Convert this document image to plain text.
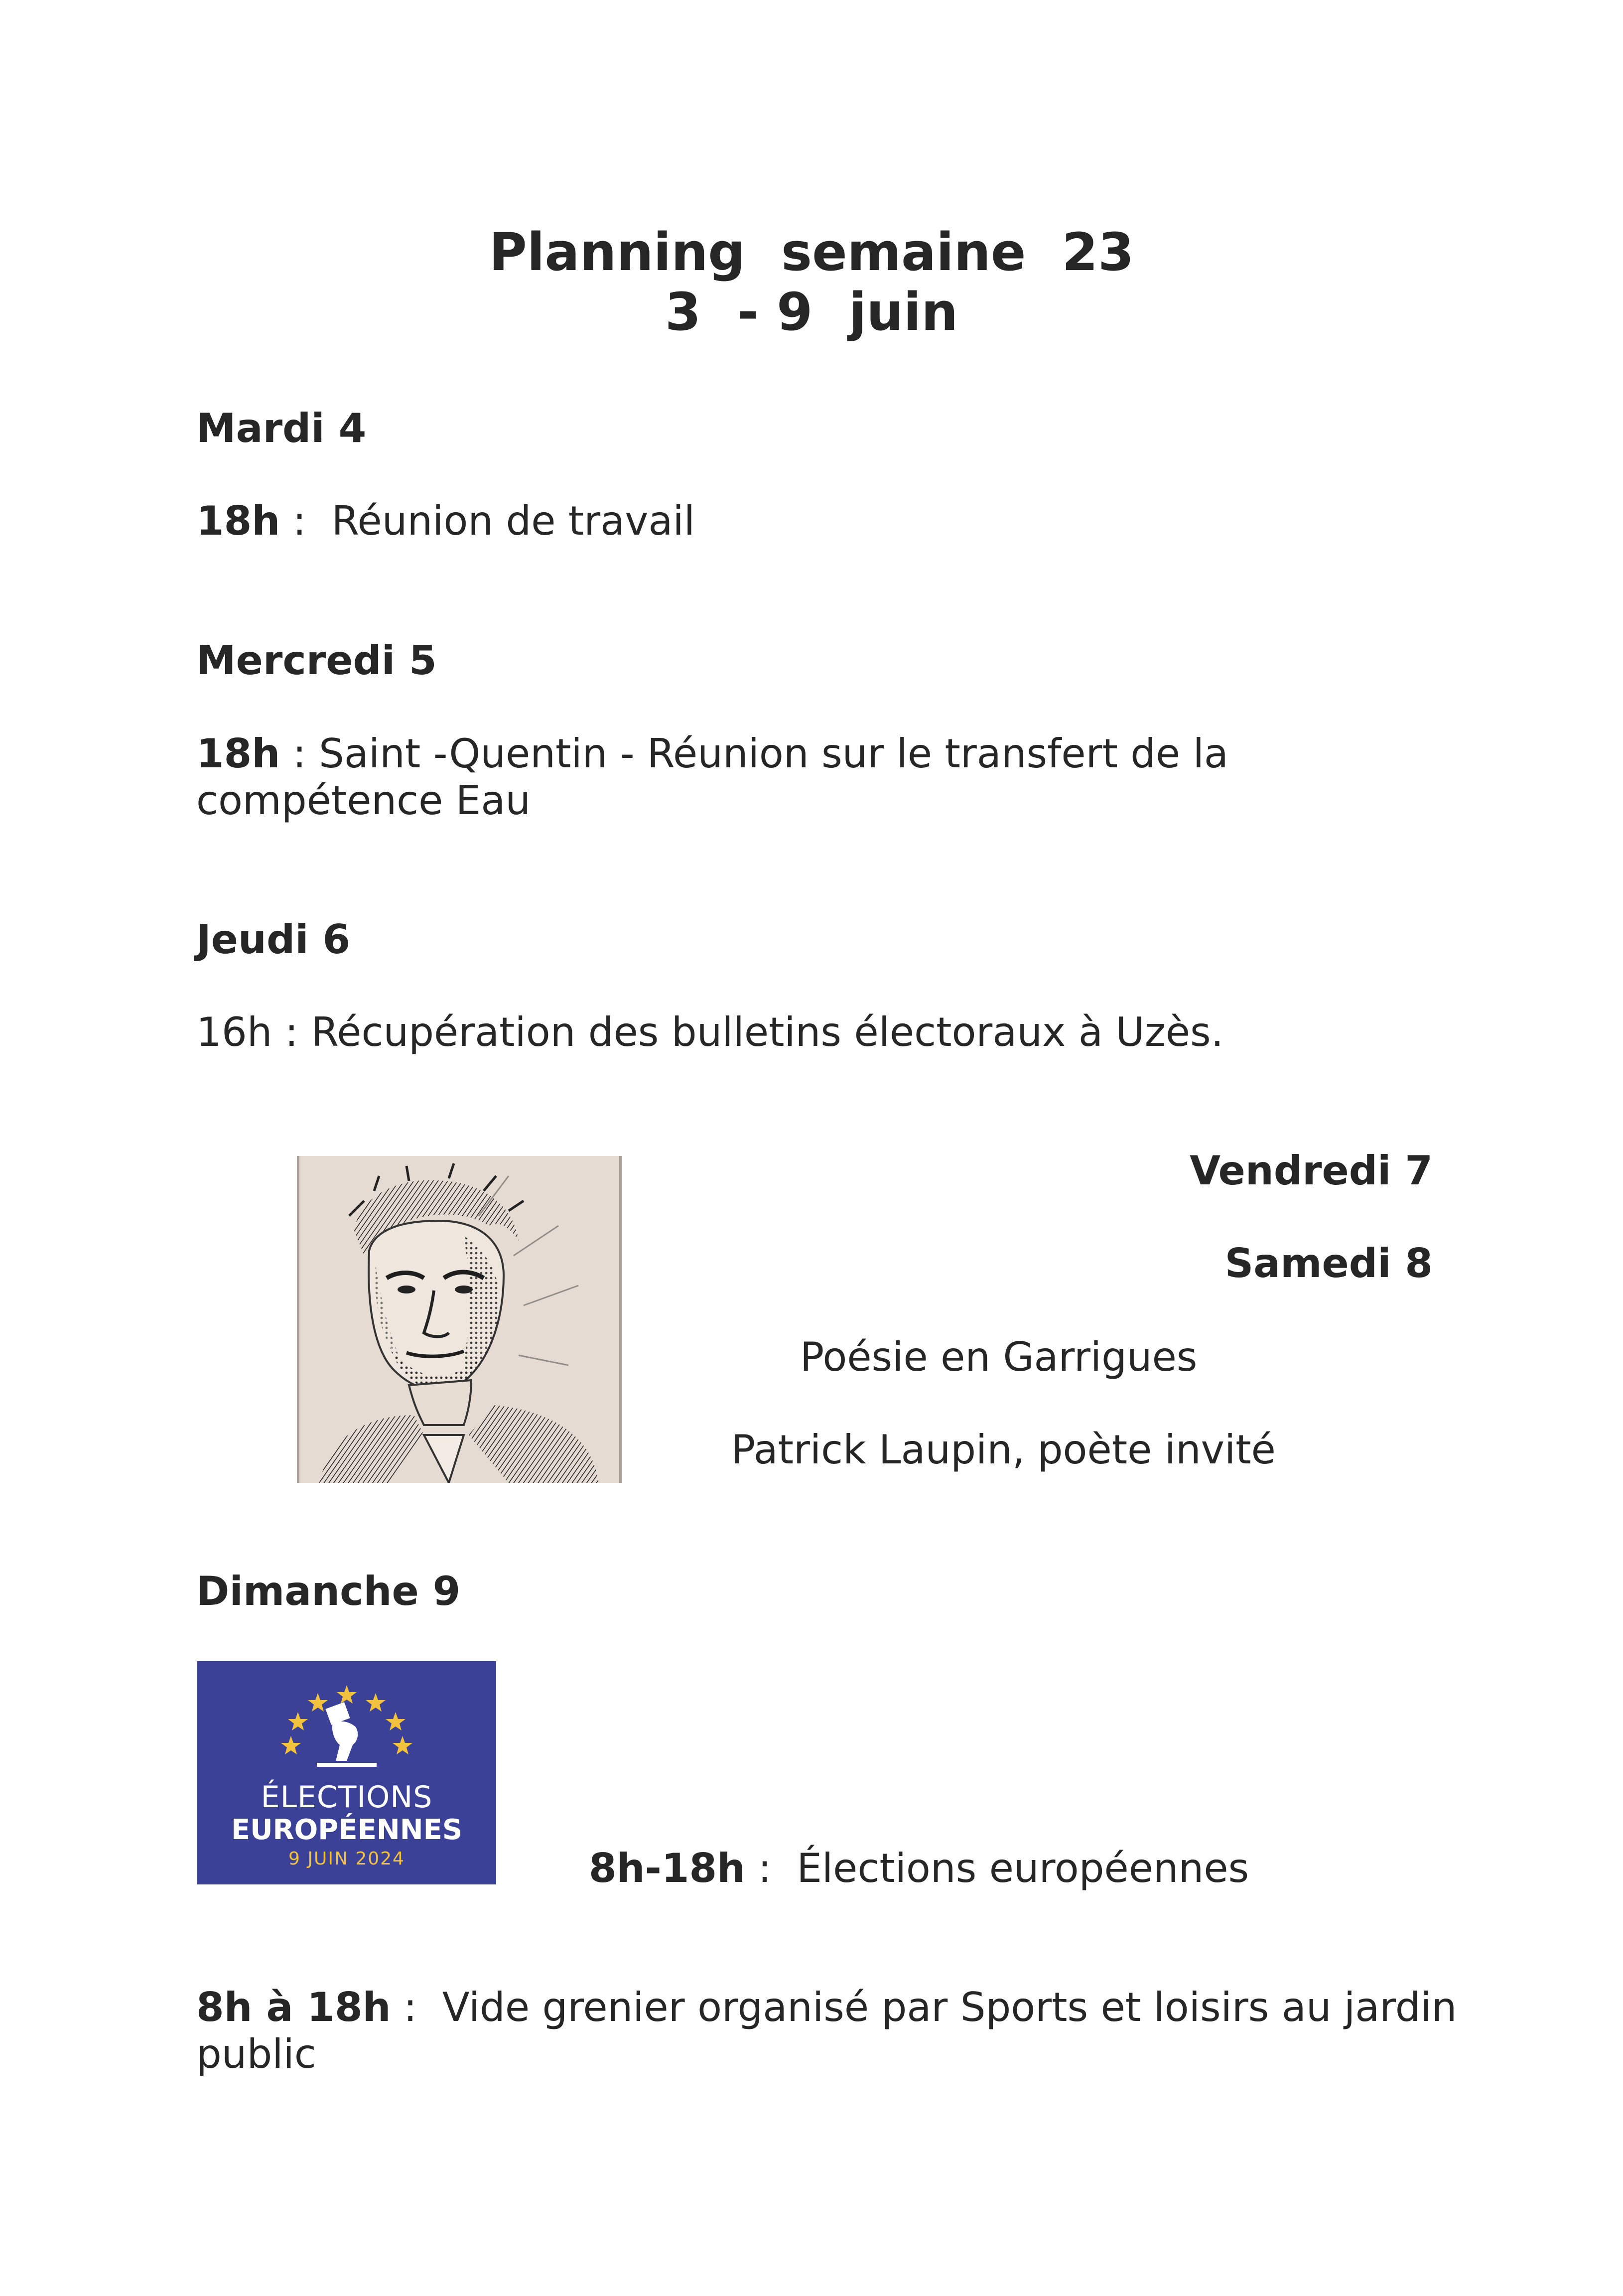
Planning  semaine  23
3  - 9  juin
Mardi 4
18h :  Réunion de travail
Mercredi 5
18h : Saint -Quentin - Réunion sur le transfert de la compétence Eau
Jeudi 6
16h : Récupération des bulletins électoraux à Uzès.
Vendredi 7
Samedi 8
Poésie en Garrigues
Patrick Laupin, poète invité
Dimanche 9
ÉLECTIONS
EUROPÉENNES
9 JUIN 2024	8h-18h :  Élections européennes
8h à 18h :  Vide grenier organisé par Sports et loisirs au jardin public
